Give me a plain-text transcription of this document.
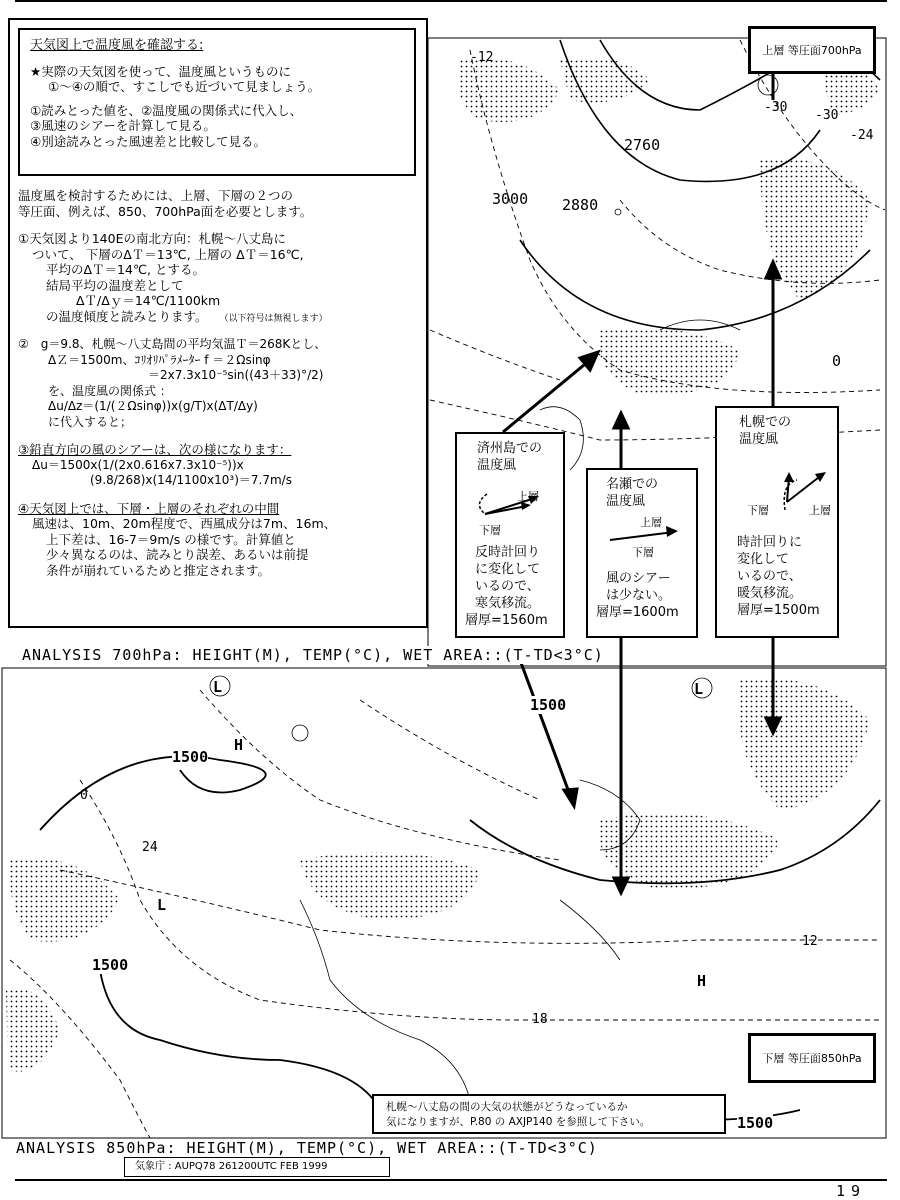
-12
-30
-30
-24
2760
2880
3000
0
1500
1500
1500
1500
24
18
12
0
L	L
L
H
H

天気図上で温度風を確認する:

★実際の天気図を使って、温度風というものに

①～④の順で、すこしでも近づいて見ましょう。

①読みとった値を、②温度風の関係式に代入し、

③風速のシアーを計算して見る。

④別途読みとった風速差と比較して見る。

温度風を検討するためには、上層、下層の２つの

等圧面、例えば、850、700hPa面を必要とします。

①天気図より140Eの南北方向：札幌～八丈島に

ついて、 下層のΔＴ＝13℃, 上層の ΔＴ＝16℃,

平均のΔＴ＝14℃, とする。

結局平均の温度差として

ΔＴ/Δｙ＝14℃/1100km

の温度傾度と読みとります。 （以下符号は無視します）

②　g＝9.8、札幌～八丈島間の平均気温Ｔ＝268Kとし、

ΔＺ＝1500m、ｺﾘｵﾘﾊﾟﾗﾒｰﾀｰ f ＝２Ωsinφ

＝2x7.3x10⁻⁵sin((43＋33)°/2)

を、温度風の関係式 ：

Δu/Δz＝(1/(２Ωsinφ))x(g/T)x(ΔT/Δy)

に代入すると；

③鉛直方向の風のシアーは、次の様になります：

Δu＝1500x(1/(2x0.616x7.3x10⁻⁵))x

(9.8/268)x(14/1100x10³)＝7.7m/s

④天気図上では、下層・上層のそれぞれの中間

風速は、10m、20m程度で、西風成分は7m、16m、

上下差は、16-7＝9m/s の様です。計算値と

少々異なるのは、読みとり誤差、あるいは前提

条件が崩れているためと推定されます。

上層 等圧面700hPa
下層 等圧面850hPa
済州島での
温度風
上層
下層
反時計回り
に変化して
いるので、
寒気移流。
層厚=1560m
名瀬での
温度風
上層
下層
風のシアー
は少ない。
層厚=1600m
札幌での
温度風
上層
下層
時計回りに
変化して
いるので、
暖気移流。
層厚=1500m
ANALYSIS 700hPa: HEIGHT(M), TEMP(°C), WET AREA::(T-TD<3°C)
ANALYSIS 850hPa: HEIGHT(M), TEMP(°C), WET AREA::(T-TD<3°C)
札幌～八丈島の間の大気の状態がどうなっているか
気になりますが、P.80 の AXJP140 を参照して下さい。
気象庁 : AUPQ78 261200UTC FEB 1999
19
